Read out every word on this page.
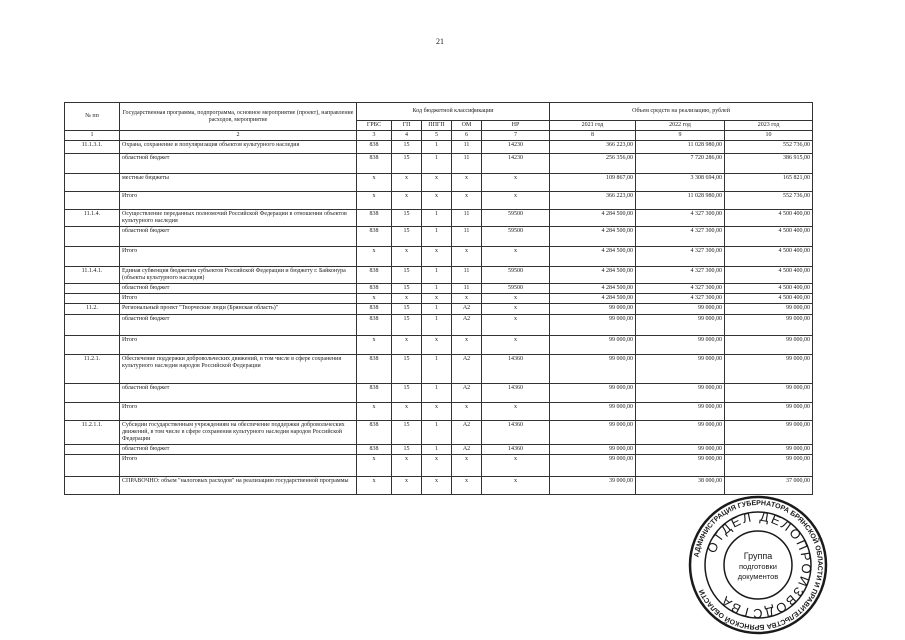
21
№ пп	Государственная программа, подпрограмма, основное мероприятие (проект), направление расходов, мероприятие	Код бюджетной классификации					Объем средств на реализацию, рублей		
		ГРБС	ГП	ППГП	ОМ	НР	2021 год	2022 год	2023 год
1	2	3	4	5	6	7	8	9	10
11.1.3.1.	Охрана, сохранение и популяризация объектов культурного наследия	838	15	1	11	14230	366 223,00	11 028 980,00	552 736,00
	областной бюджет	838	15	1	11	14230	256 356,00	7 720 286,00	386 915,00
	местные бюджеты	х	х	х	х	х	109 867,00	3 308 694,00	165 821,00
	Итого	х	х	х	х	х	366 223,00	11 028 980,00	552 736,00
11.1.4.	Осуществление переданных полномочий Российской Федерации в отношении объектов культурного наследия	838	15	1	11	59500	4 284 500,00	4 327 300,00	4 500 400,00
	областной бюджет	838	15	1	11	59500	4 284 500,00	4 327 300,00	4 500 400,00
	Итого	х	х	х	х	х	4 284 500,00	4 327 300,00	4 500 400,00
11.1.4.1.	Единая субвенция бюджетам субъектов Российской Федерации и бюджету г. Байконура (объекты культурного наследия)	838	15	1	11	59500	4 284 500,00	4 327 300,00	4 500 400,00
	областной бюджет	838	15	1	11	59500	4 284 500,00	4 327 300,00	4 500 400,00
	Итого	х	х	х	х	х	4 284 500,00	4 327 300,00	4 500 400,00
11.2.	Региональный проект "Творческие люди (Брянская область)"	838	15	1	А2	х	99 000,00	99 000,00	99 000,00
	областной бюджет	838	15	1	А2	х	99 000,00	99 000,00	99 000,00
	Итого	х	х	х	х	х	99 000,00	99 000,00	99 000,00
11.2.1.	Обеспечение поддержки добровольческих движений, в том числе в сфере сохранения культурного наследия народов Российской Федерации	838	15	1	А2	14360	99 000,00	99 000,00	99 000,00
	областной бюджет	838	15	1	А2	14360	99 000,00	99 000,00	99 000,00
	Итого	х	х	х	х	х	99 000,00	99 000,00	99 000,00
11.2.1.1.	Субсидии государственным учреждениям на обеспечение поддержки добровольческих движений, в том числе в сфере сохранения культурного наследия народов Российской Федерации	838	15	1	А2	14360	99 000,00	99 000,00	99 000,00
	областной бюджет	838	15	1	А2	14360	99 000,00	99 000,00	99 000,00
	Итого	х	х	х	х	х	99 000,00	99 000,00	99 000,00
	СПРАВОЧНО: объем "налоговых расходов" на реализацию государственной программы	х	х	х	х	х	39 000,00	38 000,00	37 000,00
АДМИНИСТРАЦИЯ ГУБЕРНАТОРА БРЯНСКОЙ ОБЛАСТИ И ПРАВИТЕЛЬСТВА БРЯНСКОЙ ОБЛАСТИ
ОТДЕЛ ДЕЛОПРОИЗВОДСТВА
Группа
подготовки
документов
